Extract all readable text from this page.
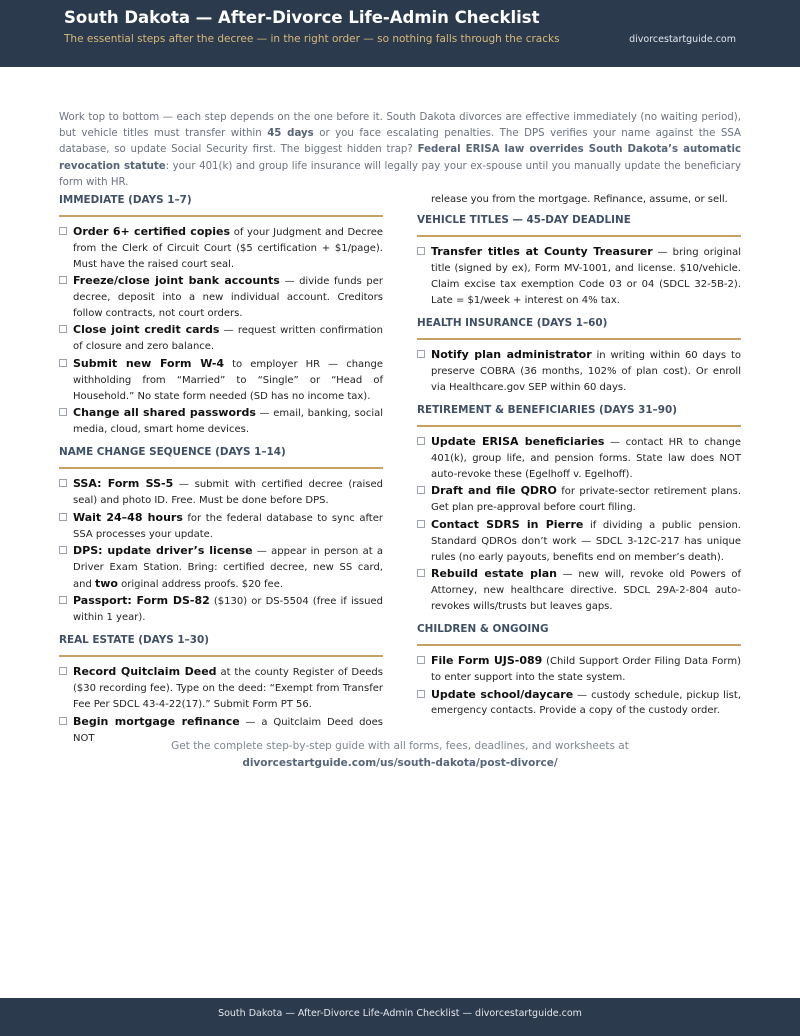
South Dakota — After-Divorce Life-Admin Checklist
The essential steps after the decree — in the right order — so nothing falls through the cracks	divorcestartguide.com
Work top to bottom — each step depends on the one before it. South Dakota divorces are effective immediately (no waiting period), but vehicle titles must transfer within 45 days or you face escalating penalties. The DPS verifies your name against the SSA database, so update Social Security first. The biggest hidden trap? Federal ERISA law overrides South Dakota’s automatic revocation statute: your 401(k) and group life insurance will legally pay your ex-spouse until you manually update the beneficiary form with HR.
IMMEDIATE (DAYS 1–7)
Order 6+ certified copies of your Judgment and Decree from the Clerk of Circuit Court ($5 certification + $1/page). Must have the raised court seal.
Freeze/close joint bank accounts — divide funds per decree, deposit into a new individual account. Creditors follow contracts, not court orders.
Close joint credit cards — request written confirmation of closure and zero balance.
Submit new Form W-4 to employer HR — change withholding from “Married” to “Single” or “Head of Household.” No state form needed (SD has no income tax).
Change all shared passwords — email, banking, social media, cloud, smart home devices.
NAME CHANGE SEQUENCE (DAYS 1–14)
SSA: Form SS-5 — submit with certified decree (raised seal) and photo ID. Free. Must be done before DPS.
Wait 24–48 hours for the federal database to sync after SSA processes your update.
DPS: update driver’s license — appear in person at a Driver Exam Station. Bring: certified decree, new SS card, and two original address proofs. $20 fee.
Passport: Form DS-82 ($130) or DS-5504 (free if issued within 1 year).
REAL ESTATE (DAYS 1–30)
Record Quitclaim Deed at the county Register of Deeds ($30 recording fee). Type on the deed: “Exempt from Transfer Fee Per SDCL 43-4-22(17).” Submit Form PT 56.
Begin mortgage refinance — a Quitclaim Deed does NOT
release you from the mortgage. Refinance, assume, or sell.
VEHICLE TITLES — 45-DAY DEADLINE
Transfer titles at County Treasurer — bring original title (signed by ex), Form MV-1001, and license. $10/vehicle. Claim excise tax exemption Code 03 or 04 (SDCL 32-5B-2). Late = $1/week + interest on 4% tax.
HEALTH INSURANCE (DAYS 1–60)
Notify plan administrator in writing within 60 days to preserve COBRA (36 months, 102% of plan cost). Or enroll via Healthcare.gov SEP within 60 days.
RETIREMENT & BENEFICIARIES (DAYS 31–90)
Update ERISA beneficiaries — contact HR to change 401(k), group life, and pension forms. State law does NOT auto-revoke these (Egelhoff v. Egelhoff).
Draft and file QDRO for private-sector retirement plans. Get plan pre-approval before court filing.
Contact SDRS in Pierre if dividing a public pension. Standard QDROs don’t work — SDCL 3-12C-217 has unique rules (no early payouts, benefits end on member’s death).
Rebuild estate plan — new will, revoke old Powers of Attorney, new healthcare directive. SDCL 29A-2-804 auto-revokes wills/trusts but leaves gaps.
CHILDREN & ONGOING
File Form UJS-089 (Child Support Order Filing Data Form) to enter support into the state system.
Update school/daycare — custody schedule, pickup list, emergency contacts. Provide a copy of the custody order.
Get the complete step-by-step guide with all forms, fees, deadlines, and worksheets at
divorcestartguide.com/us/south-dakota/post-divorce/
South Dakota — After-Divorce Life-Admin Checklist — divorcestartguide.com
